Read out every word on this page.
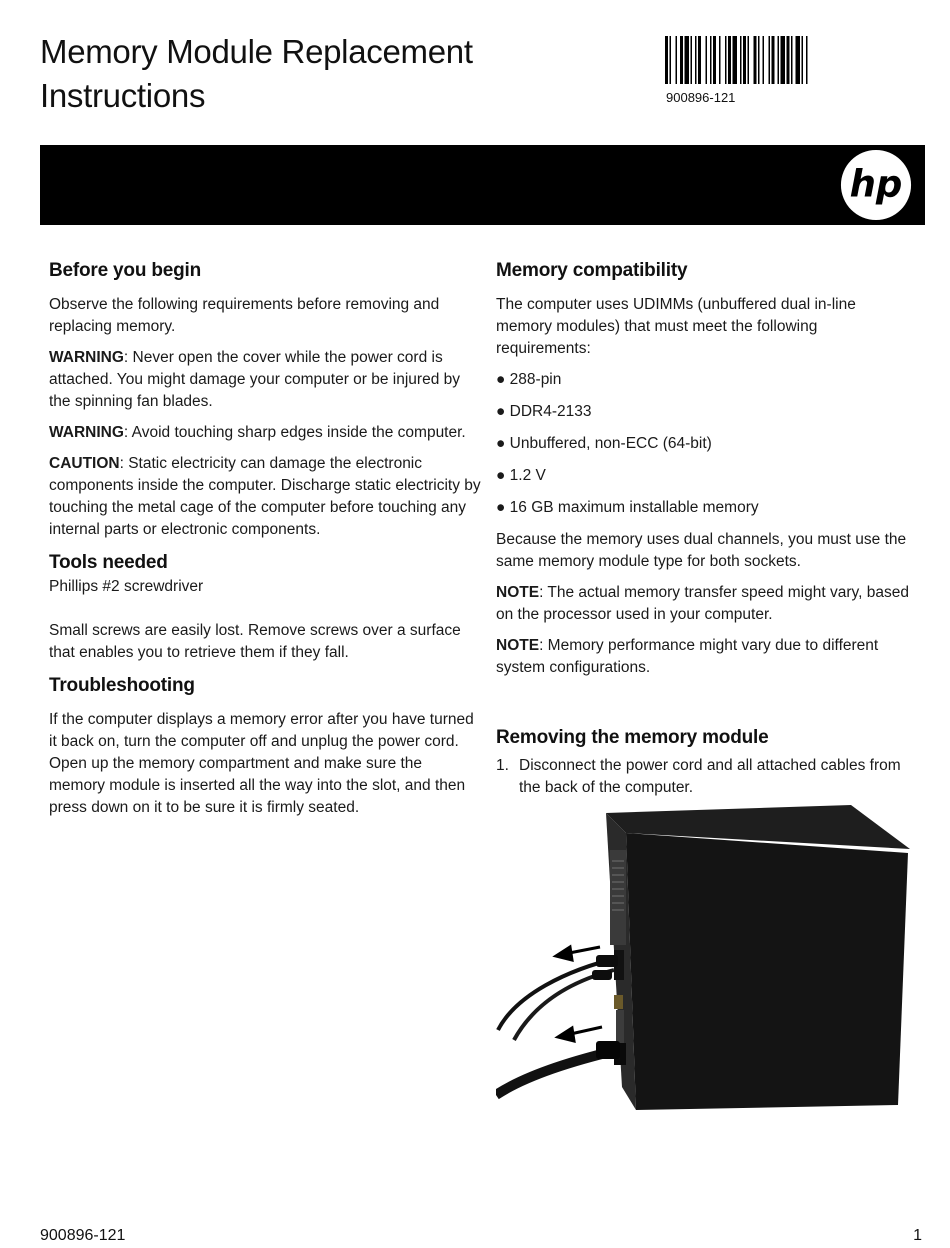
Memory Module Replacement
Instructions	900896-121
hp
Before you begin

Observe the following requirements before removing and replacing memory.

WARNING: Never open the cover while the power cord is attached. You might damage your computer or be injured by the spinning fan blades.

WARNING: Avoid touching sharp edges inside the computer.

CAUTION: Static electricity can damage the electronic components inside the computer. Discharge static electricity by touching the metal cage of the computer before touching any internal parts or electronic components.

Tools needed

Phillips #2 screwdriver

Small screws are easily lost. Remove screws over a surface that enables you to retrieve them if they fall.

Troubleshooting

If the computer displays a memory error after you have turned it back on, turn the computer off and unplug the power cord. Open up the memory compartment and make sure the memory module is inserted all the way into the slot, and then press down on it to be sure it is firmly seated.

Memory compatibility

The computer uses UDIMMs (unbuffered dual in-line memory modules) that must meet the following requirements:

● 288-pin
● DDR4-2133
● Unbuffered, non-ECC (64-bit)
● 1.2 V
● 16 GB maximum installable memory

Because the memory uses dual channels, you must use the same memory module type for both sockets.

NOTE: The actual memory transfer speed might vary, based on the processor used in your computer.

NOTE: Memory performance might vary due to different system configurations.

Removing the memory module
1. Disconnect the power cord and all attached cables from the back of the computer.
900896-121	1
